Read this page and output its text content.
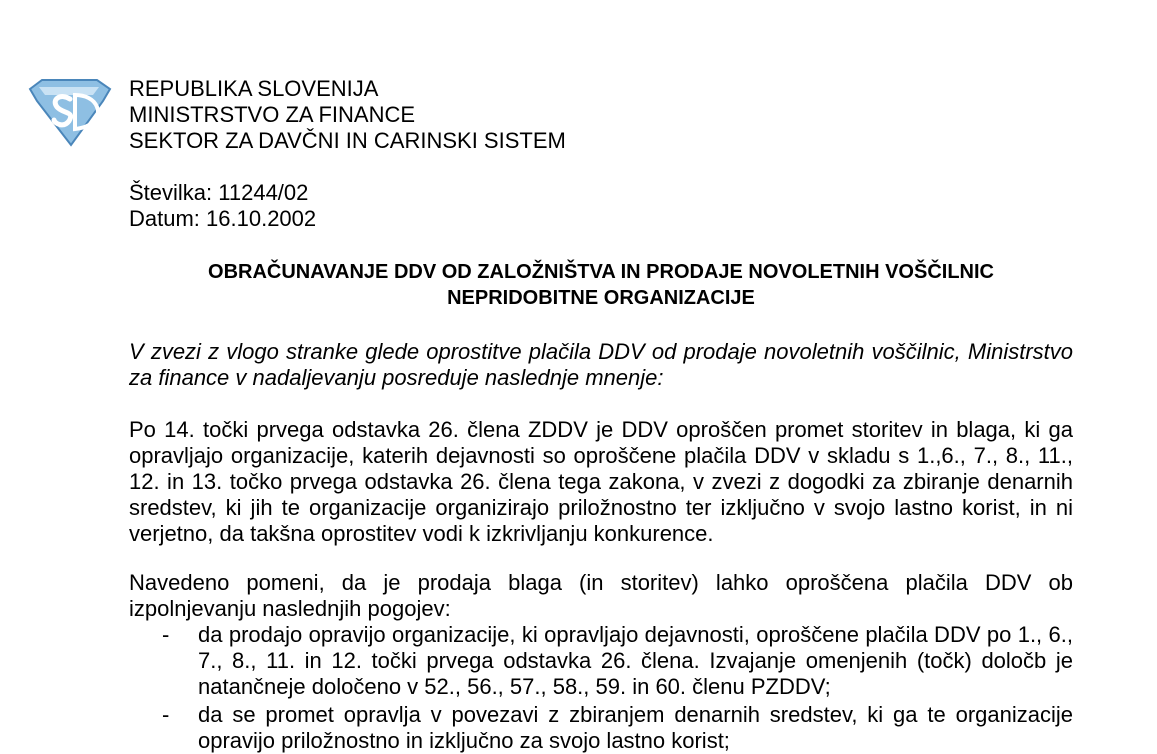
REPUBLIKA SLOVENIJA
MINISTRSTVO ZA FINANCE
SEKTOR ZA DAVČNI IN CARINSKI SISTEM
Številka: 11244/02
Datum: 16.10.2002
OBRAČUNAVANJE DDV OD ZALOŽNIŠTVA IN PRODAJE NOVOLETNIH VOŠČILNIC
NEPRIDOBITNE ORGANIZACIJE
V zvezi z vlogo stranke glede oprostitve plačila DDV od prodaje novoletnih voščilnic, Ministrstvo za finance v nadaljevanju posreduje naslednje mnenje:
Po 14. točki prvega odstavka 26. člena ZDDV je DDV oproščen promet storitev in blaga, ki ga opravljajo organizacije, katerih dejavnosti so oproščene plačila DDV v skladu s 1.,6., 7., 8., 11., 12. in 13. točko prvega odstavka 26. člena tega zakona, v zvezi z dogodki za zbiranje denarnih sredstev, ki jih te organizacije organizirajo priložnostno ter izključno v svojo lastno korist, in ni verjetno, da takšna oprostitev vodi k izkrivljanju konkurence.
Navedeno pomeni, da je prodaja blaga (in storitev) lahko oproščena plačila DDV ob izpolnjevanju naslednjih pogojev:
- da prodajo opravijo organizacije, ki opravljajo dejavnosti, oproščene plačila DDV po 1., 6., 7., 8., 11. in 12. točki prvega odstavka 26. člena. Izvajanje omenjenih (točk) določb je natančneje določeno v 52., 56., 57., 58., 59. in 60. členu PZDDV;
- da se promet opravlja v povezavi z zbiranjem denarnih sredstev, ki ga te organizacije opravijo priložnostno in izključno za svojo lastno korist;
